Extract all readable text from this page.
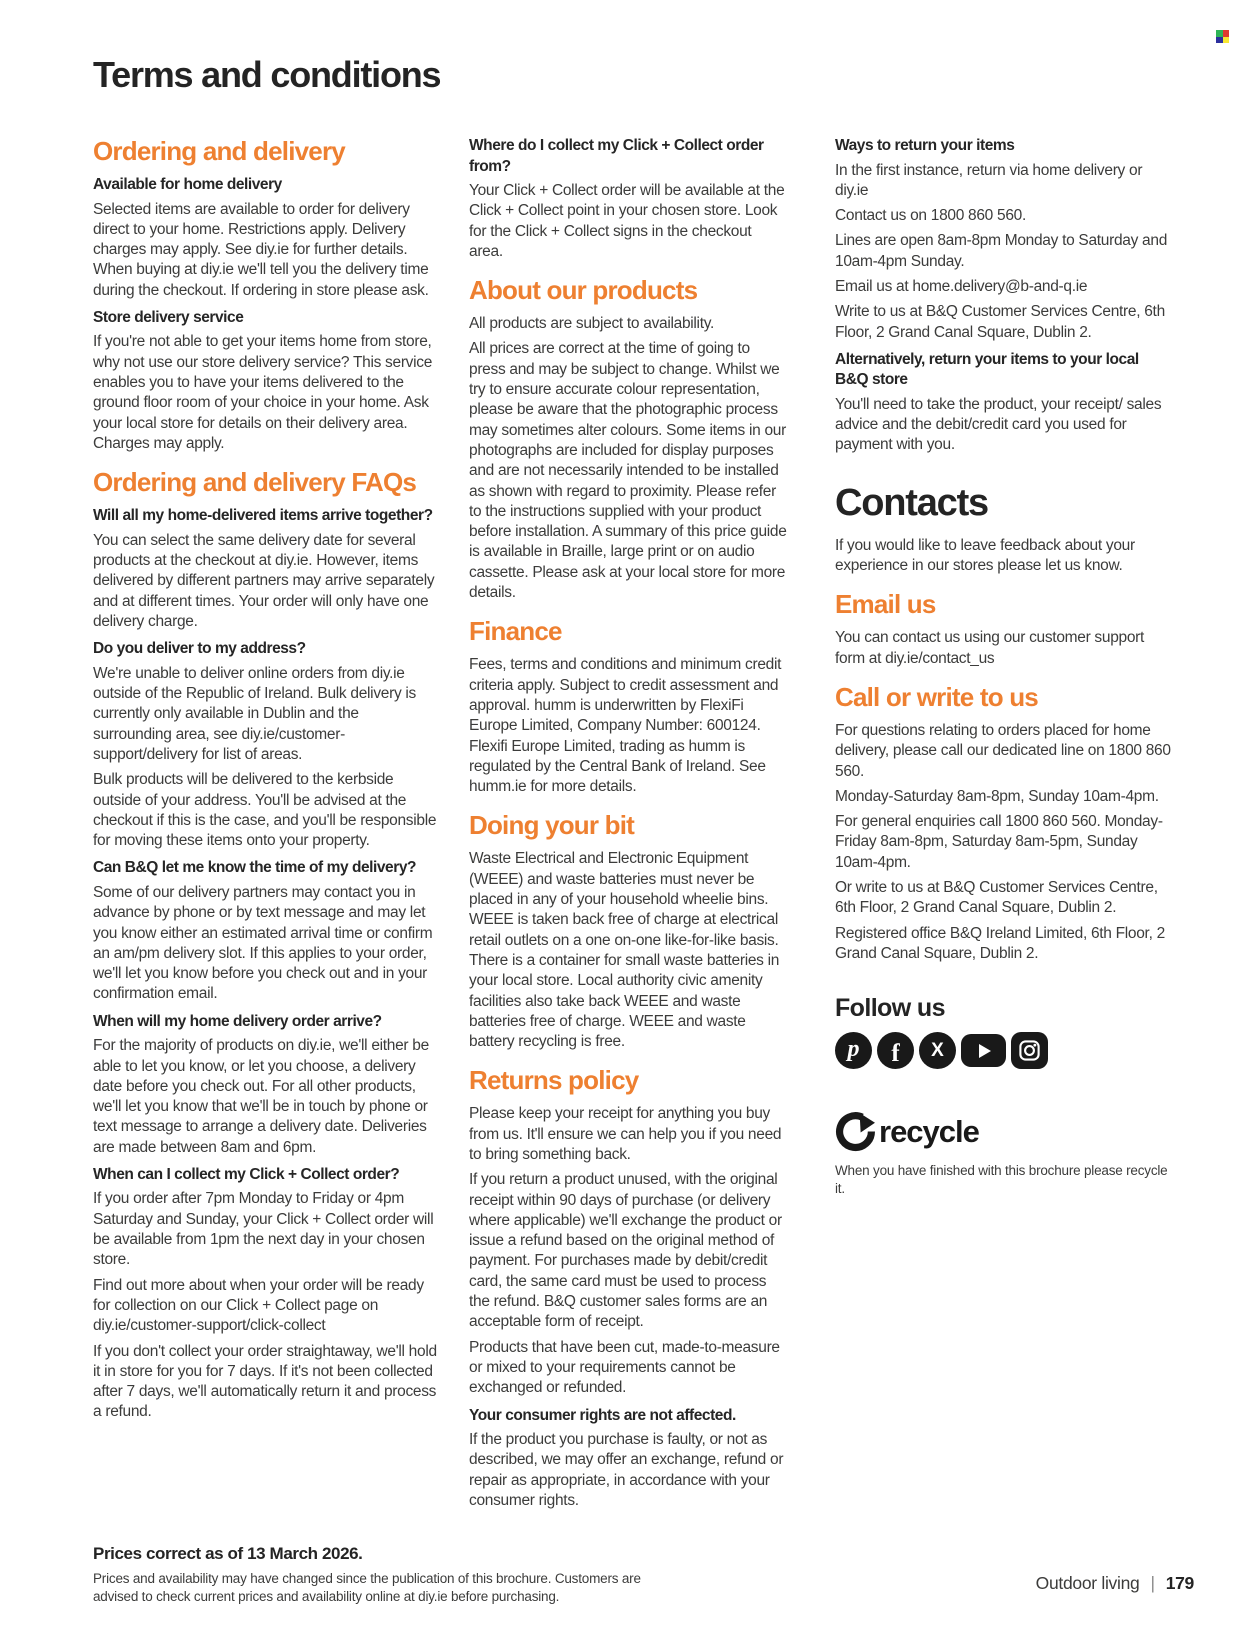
Terms and conditions
Ordering and delivery
Available for home delivery

Selected items are available to order for delivery direct to your home. Restrictions apply. Delivery charges may apply. See diy.ie for further details. When buying at diy.ie we'll tell you the delivery time during the checkout. If ordering in store please ask.

Store delivery service

If you're not able to get your items home from store, why not use our store delivery service? This service enables you to have your items delivered to the ground floor room of your choice in your home. Ask your local store for details on their delivery area. Charges may apply.

Ordering and delivery FAQs
Will all my home-delivered items arrive together?

You can select the same delivery date for several products at the checkout at diy.ie. However, items delivered by different partners may arrive separately and at different times. Your order will only have one delivery charge.

Do you deliver to my address?

We're unable to deliver online orders from diy.ie outside of the Republic of Ireland. Bulk delivery is currently only available in Dublin and the surrounding area, see diy.ie/customer-support/delivery for list of areas.

Bulk products will be delivered to the kerbside outside of your address. You'll be advised at the checkout if this is the case, and you'll be responsible for moving these items onto your property.

Can B&Q let me know the time of my delivery?

Some of our delivery partners may contact you in advance by phone or by text message and may let you know either an estimated arrival time or confirm an am/pm delivery slot. If this applies to your order, we'll let you know before you check out and in your confirmation email.

When will my home delivery order arrive?

For the majority of products on diy.ie, we'll either be able to let you know, or let you choose, a delivery date before you check out. For all other products, we'll let you know that we'll be in touch by phone or text message to arrange a delivery date. Deliveries are made between 8am and 6pm.

When can I collect my Click + Collect order?

If you order after 7pm Monday to Friday or 4pm Saturday and Sunday, your Click + Collect order will be available from 1pm the next day in your chosen store.

Find out more about when your order will be ready for collection on our Click + Collect page on diy.ie/customer-support/click-collect

If you don't collect your order straightaway, we'll hold it in store for you for 7 days. If it's not been collected after 7 days, we'll automatically return it and process a refund.

Where do I collect my Click + Collect order from?

Your Click + Collect order will be available at the Click + Collect point in your chosen store. Look for the Click + Collect signs in the checkout area.

About our products

All products are subject to availability.

All prices are correct at the time of going to press and may be subject to change. Whilst we try to ensure accurate colour representation, please be aware that the photographic process may sometimes alter colours. Some items in our photographs are included for display purposes and are not necessarily intended to be installed as shown with regard to proximity. Please refer to the instructions supplied with your product before installation. A summary of this price guide is available in Braille, large print or on audio cassette. Please ask at your local store for more details.

Finance

Fees, terms and conditions and minimum credit criteria apply. Subject to credit assessment and approval. humm is underwritten by FlexiFi Europe Limited, Company Number: 600124. Flexifi Europe Limited, trading as humm is regulated by the Central Bank of Ireland. See humm.ie for more details.

Doing your bit

Waste Electrical and Electronic Equipment (WEEE) and waste batteries must never be placed in any of your household wheelie bins. WEEE is taken back free of charge at electrical retail outlets on a one on-one like-for-like basis. There is a container for small waste batteries in your local store. Local authority civic amenity facilities also take back WEEE and waste batteries free of charge. WEEE and waste battery recycling is free.

Returns policy

Please keep your receipt for anything you buy from us. It'll ensure we can help you if you need to bring something back.

If you return a product unused, with the original receipt within 90 days of purchase (or delivery where applicable) we'll exchange the product or issue a refund based on the original method of payment. For purchases made by debit/credit card, the same card must be used to process the refund. B&Q customer sales forms are an acceptable form of receipt.

Products that have been cut, made-to-measure or mixed to your requirements cannot be exchanged or refunded.

Your consumer rights are not affected.

If the product you purchase is faulty, or not as described, we may offer an exchange, refund or repair as appropriate, in accordance with your consumer rights.

Ways to return your items

In the first instance, return via home delivery or diy.ie

Contact us on 1800 860 560.

Lines are open 8am-8pm Monday to Saturday and 10am-4pm Sunday.

Email us at home.delivery@b-and-q.ie

Write to us at B&Q Customer Services Centre, 6th Floor, 2 Grand Canal Square, Dublin 2.

Alternatively, return your items to your local B&Q store

You'll need to take the product, your receipt/ sales advice and the debit/credit card you used for payment with you.

Contacts

If you would like to leave feedback about your experience in our stores please let us know.

Email us

You can contact us using our customer support form at diy.ie/contact_us

Call or write to us

For questions relating to orders placed for home delivery, please call our dedicated line on 1800 860 560.

Monday-Saturday 8am-8pm, Sunday 10am-4pm.

For general enquiries call 1800 860 560. Monday-Friday 8am-8pm, Saturday 8am-5pm, Sunday 10am-4pm.

Or write to us at B&Q Customer Services Centre, 6th Floor, 2 Grand Canal Square, Dublin 2.

Registered office B&Q Ireland Limited, 6th Floor, 2 Grand Canal Square, Dublin 2.

Follow us
p f X
recycle

When you have finished with this brochure please recycle it.

Prices correct as of 13 March 2026.

Prices and availability may have changed since the publication of this brochure. Customers are advised to check current prices and availability online at diy.ie before purchasing.

Outdoor living | 179
